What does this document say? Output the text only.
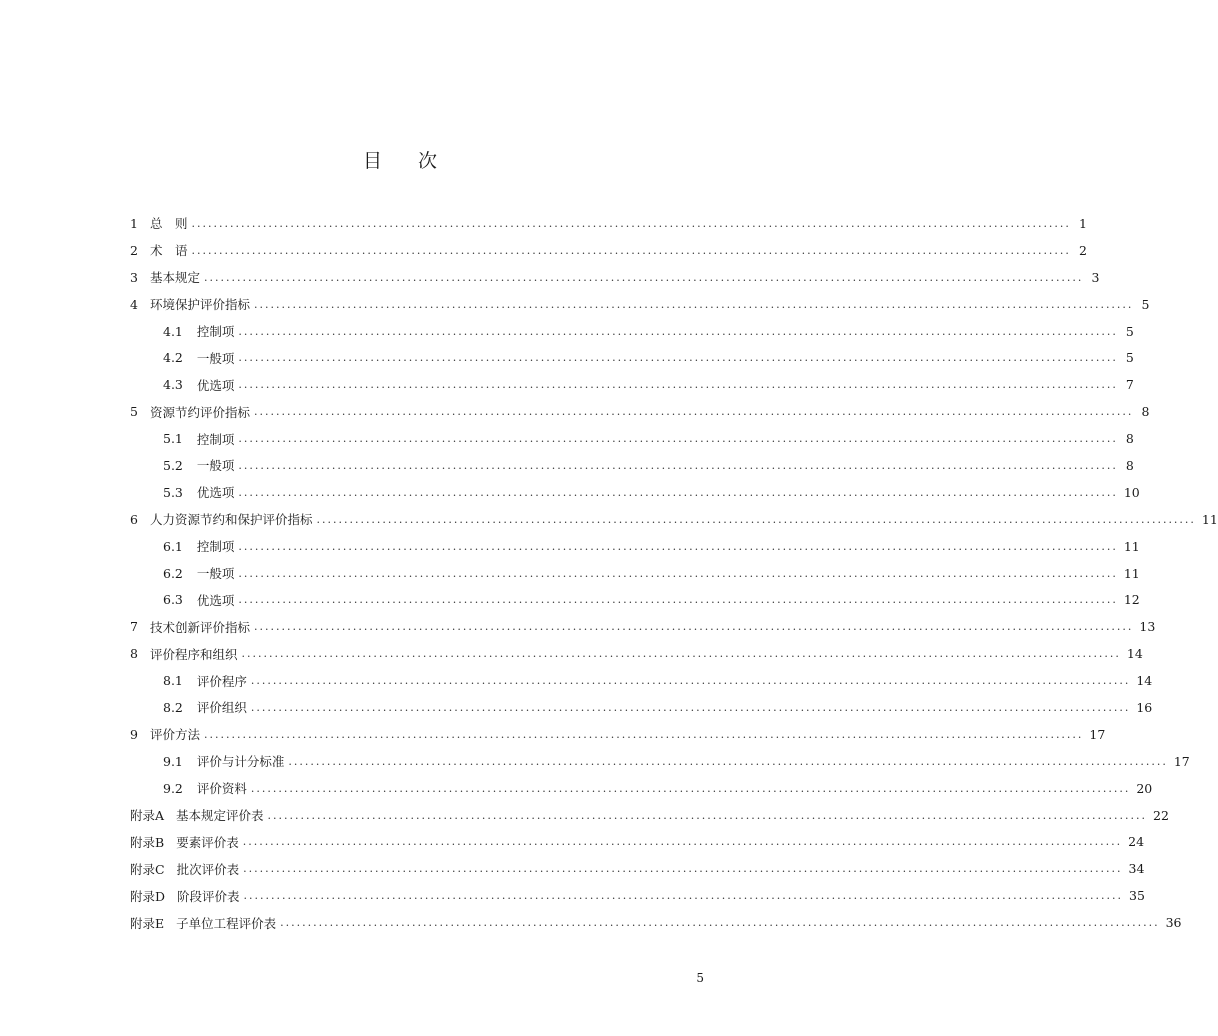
目 次
1 总　则 ................................................................................................................................................................ 1
2 术　语 ................................................................................................................................................................ 2
3 基本规定 ................................................................................................................................................................ 3
4 环境保护评价指标 ................................................................................................................................................................ 5
4.1 控制项 ................................................................................................................................................................ 5
4.2 一般项 ................................................................................................................................................................ 5
4.3 优选项 ................................................................................................................................................................ 7
5 资源节约评价指标 ................................................................................................................................................................ 8
5.1 控制项 ................................................................................................................................................................ 8
5.2 一般项 ................................................................................................................................................................ 8
5.3 优选项 ................................................................................................................................................................ 10
6 人力资源节约和保护评价指标 ................................................................................................................................................................ 11
6.1 控制项 ................................................................................................................................................................ 11
6.2 一般项 ................................................................................................................................................................ 11
6.3 优选项 ................................................................................................................................................................ 12
7 技术创新评价指标 ................................................................................................................................................................ 13
8 评价程序和组织 ................................................................................................................................................................ 14
8.1 评价程序 ................................................................................................................................................................ 14
8.2 评价组织 ................................................................................................................................................................ 16
9 评价方法 ................................................................................................................................................................ 17
9.1 评价与计分标准 ................................................................................................................................................................ 17
9.2 评价资料 ................................................................................................................................................................ 20
附录A 基本规定评价表 ................................................................................................................................................................ 22
附录B 要素评价表 ................................................................................................................................................................ 24
附录C 批次评价表 ................................................................................................................................................................ 34
附录D 阶段评价表 ................................................................................................................................................................ 35
附录E 子单位工程评价表 ................................................................................................................................................................ 36
5
